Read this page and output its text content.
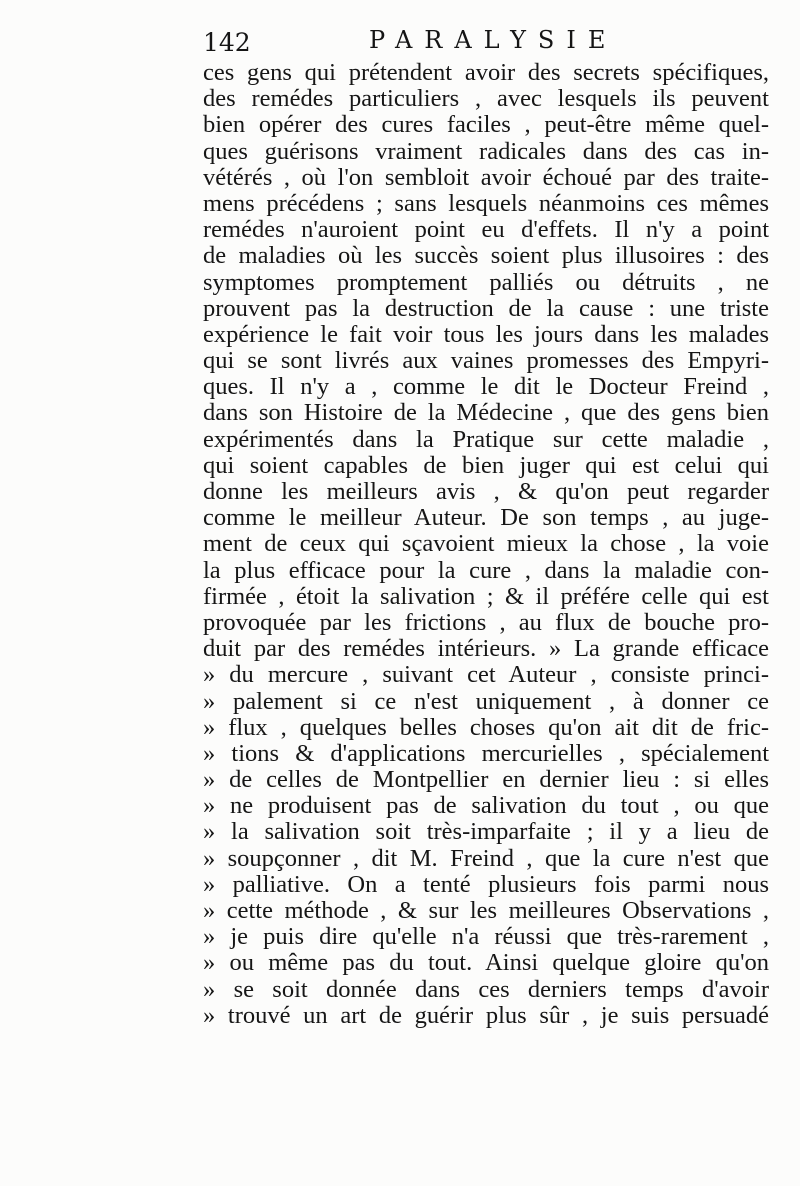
142	PARALYSIE
ces gens qui prétendent avoir des secrets spécifiques,
des remédes particuliers , avec lesquels ils peuvent
bien opérer des cures faciles , peut-être même quel-
ques guérisons vraiment radicales dans des cas in-
vétérés , où l'on sembloit avoir échoué par des traite-
mens précédens ; sans lesquels néanmoins ces mêmes
remédes n'auroient point eu d'effets. Il n'y a point
de maladies où les succès soient plus illusoires : des
symptomes promptement palliés ou détruits , ne
prouvent pas la destruction de la cause : une triste
expérience le fait voir tous les jours dans les malades
qui se sont livrés aux vaines promesses des Empyri-
ques. Il n'y a , comme le dit le Docteur Freind ,
dans son Histoire de la Médecine , que des gens bien
expérimentés dans la Pratique sur cette maladie ,
qui soient capables de bien juger qui est celui qui
donne les meilleurs avis , & qu'on peut regarder
comme le meilleur Auteur. De son temps , au juge-
ment de ceux qui sçavoient mieux la chose , la voie
la plus efficace pour la cure , dans la maladie con-
firmée , étoit la salivation ; & il préfére celle qui est
provoquée par les frictions , au flux de bouche pro-
duit par des remédes intérieurs. » La grande efficace
» du mercure , suivant cet Auteur , consiste princi-
» palement si ce n'est uniquement , à donner ce
» flux , quelques belles choses qu'on ait dit de fric-
» tions & d'applications mercurielles , spécialement
» de celles de Montpellier en dernier lieu : si elles
» ne produisent pas de salivation du tout , ou que
» la salivation soit très-imparfaite ; il y a lieu de
» soupçonner , dit M. Freind , que la cure n'est que
» palliative. On a tenté plusieurs fois parmi nous
» cette méthode , & sur les meilleures Observations ,
» je puis dire qu'elle n'a réussi que très-rarement ,
» ou même pas du tout. Ainsi quelque gloire qu'on
» se soit donnée dans ces derniers temps d'avoir
» trouvé un art de guérir plus sûr , je suis persuadé
